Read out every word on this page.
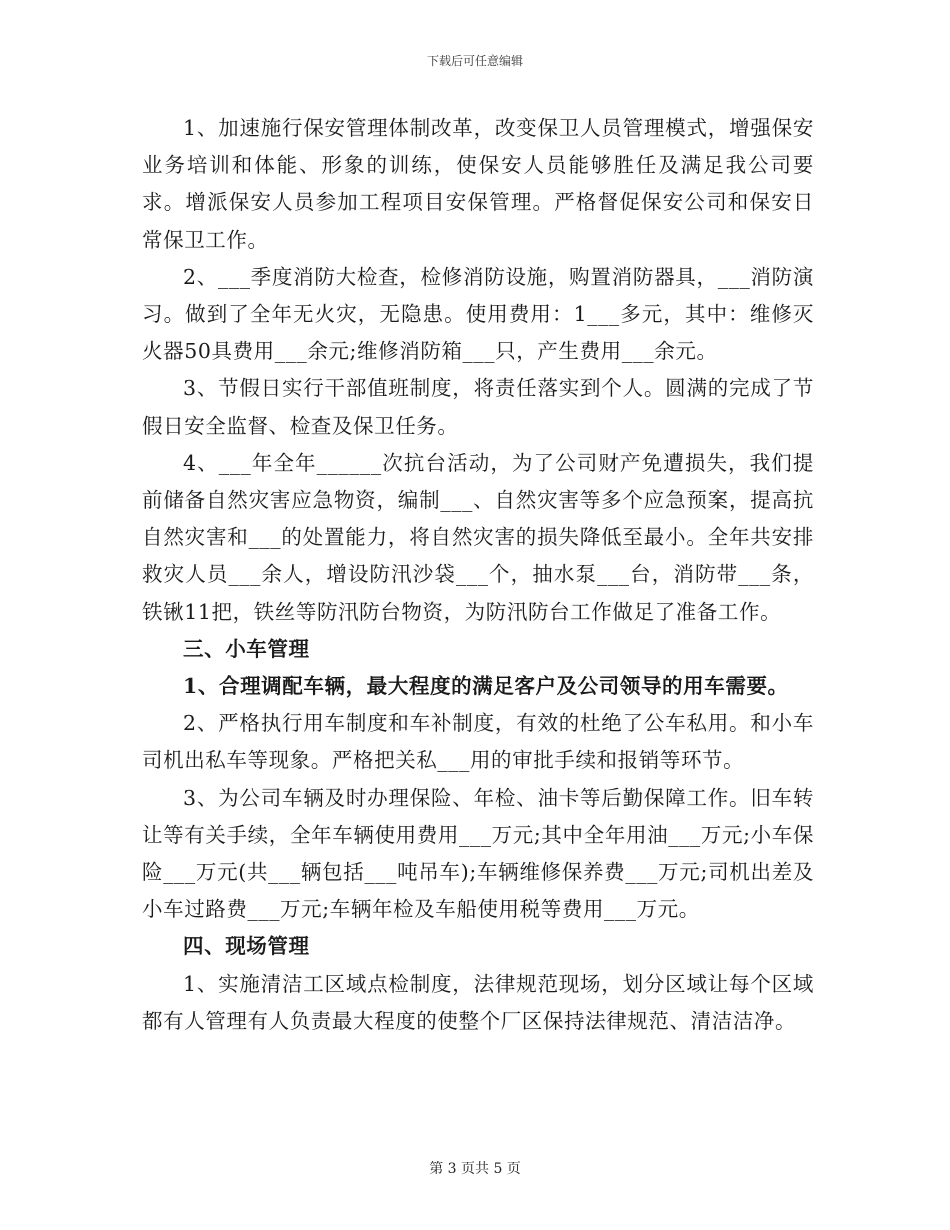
下载后可任意编辑

1、加速施行保安管理体制改革，改变保卫人员管理模式，增强保安业务培训和体能、形象的训练，使保安人员能够胜任及满足我公司要求。增派保安人员参加工程项目安保管理。严格督促保安公司和保安日常保卫工作。

2、___季度消防大检查，检修消防设施，购置消防器具，___消防演习。做到了全年无火灾，无隐患。使用费用：1___多元，其中：维修灭火器50具费用___余元;维修消防箱___只，产生费用___余元。

3、节假日实行干部值班制度，将责任落实到个人。圆满的完成了节假日安全监督、检查及保卫任务。

4、___年全年______次抗台活动，为了公司财产免遭损失，我们提前储备自然灾害应急物资，编制___、自然灾害等多个应急预案，提高抗自然灾害和___的处置能力，将自然灾害的损失降低至最小。全年共安排救灾人员___余人，增设防汛沙袋___个，抽水泵___台，消防带___条，铁锹11把，铁丝等防汛防台物资，为防汛防台工作做足了准备工作。

三、小车管理

1、合理调配车辆，最大程度的满足客户及公司领导的用车需要。

2、严格执行用车制度和车补制度，有效的杜绝了公车私用。和小车司机出私车等现象。严格把关私___用的审批手续和报销等环节。

3、为公司车辆及时办理保险、年检、油卡等后勤保障工作。旧车转让等有关手续，全年车辆使用费用___万元;其中全年用油___万元;小车保险___万元(共___辆包括___吨吊车);车辆维修保养费___万元;司机出差及小车过路费___万元;车辆年检及车船使用税等费用___万元。

四、现场管理

1、实施清洁工区域点检制度，法律规范现场，划分区域让每个区域都有人管理有人负责最大程度的使整个厂区保持法律规范、清洁洁净。

第 3 页共 5 页
